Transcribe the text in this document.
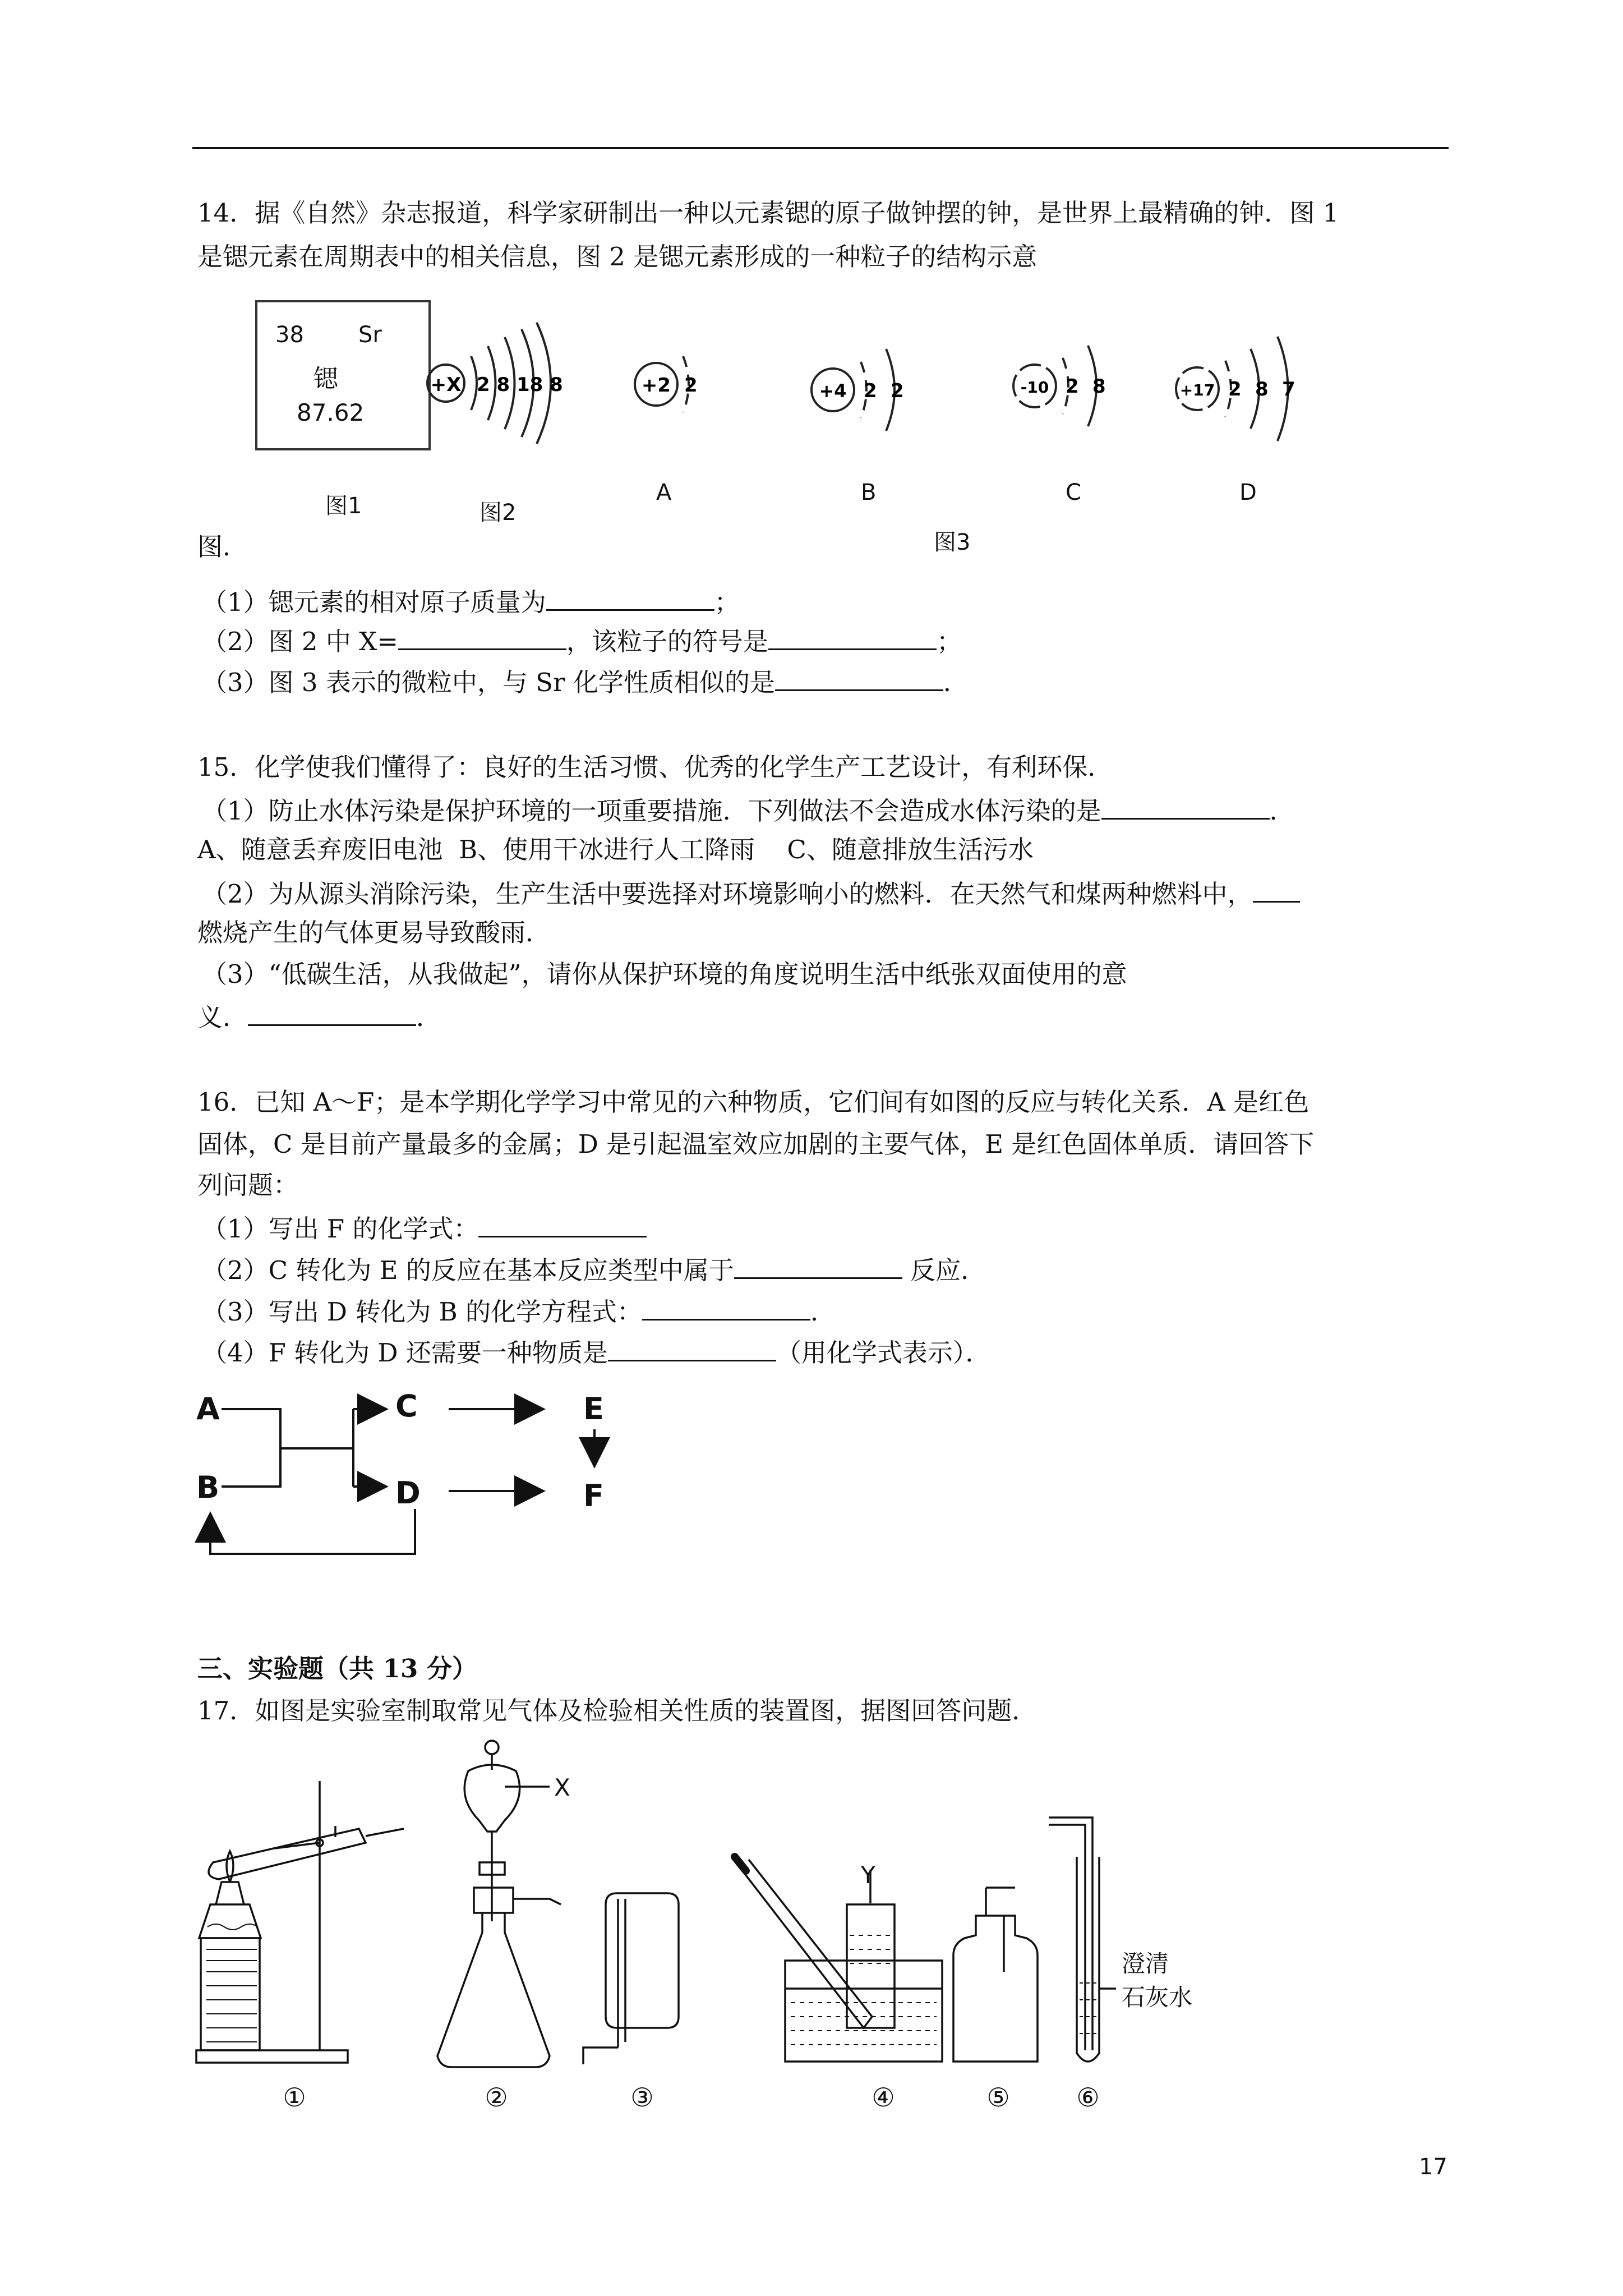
14．据《自然》杂志报道，科学家研制出一种以元素锶的原子做钟摆的钟，是世界上最精确的钟．图 1
是锶元素在周期表中的相关信息，图 2 是锶元素形成的一种粒子的结构示意
38 Sr
锶
87.62
+X 2 8 18 8	+2 2	+4 2 2	-10 2 8	+17 2 8 7
图1	图2
A	B	C	D
图3
图．
（1）锶元素的相对原子质量为	；
（2）图 2 中 X=	，该粒子的符号是	；
（3）图 3 表示的微粒中，与 Sr 化学性质相似的是	．
15．化学使我们懂得了：良好的生活习惯、优秀的化学生产工艺设计，有利环保．
（1）防止水体污染是保护环境的一项重要措施．下列做法不会造成水体污染的是	．
A、随意丢弃废旧电池  B、使用干冰进行人工降雨    C、随意排放生活污水
（2）为从源头消除污染，生产生活中要选择对环境影响小的燃料．在天然气和煤两种燃料中，
燃烧产生的气体更易导致酸雨．
（3）“低碳生活，从我做起”，请你从保护环境的角度说明生活中纸张双面使用的意
义．	．
16．已知 A～F；是本学期化学学习中常见的六种物质，它们间有如图的反应与转化关系．A 是红色
固体，C 是目前产量最多的金属；D 是引起温室效应加剧的主要气体，E 是红色固体单质．请回答下
列问题：
（1）写出 F 的化学式：
（2）C 转化为 E 的反应在基本反应类型中属于	反应．
（3）写出 D 转化为 B 的化学方程式：	．
（4）F 转化为 D 还需要一种物质是	（用化学式表示）．
A
B
C
D
E
F
三、实验题（共 13 分）
17．如图是实验室制取常见气体及检验相关性质的装置图，据图回答问题．
X
Y
澄清
石灰水
①	②	③	④	⑤	⑥
17
